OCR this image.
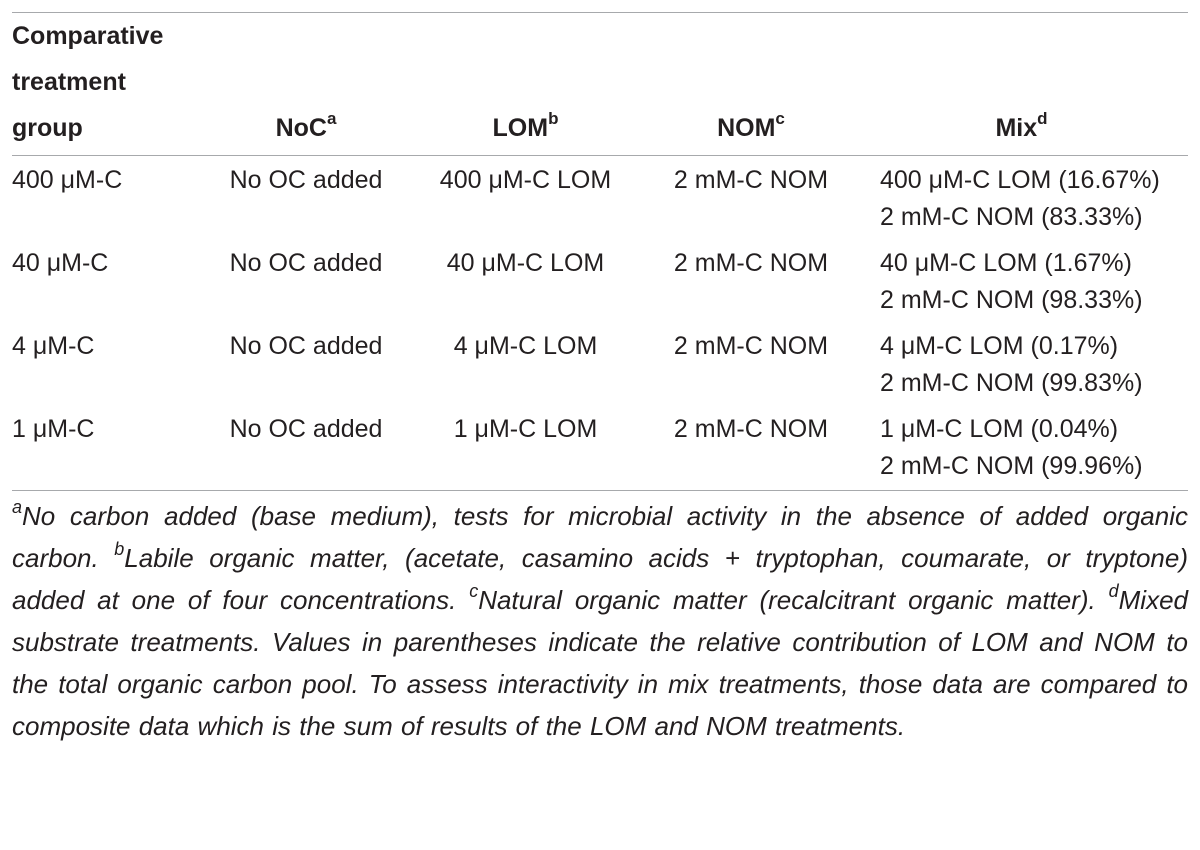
Comparative
treatment
group	NoC$^a$	LOM$^b$	NOM$^c$	Mix$^d$

400 μM-C	No OC added	400 μM-C LOM	2 mM-C NOM	400 μM-C LOM (16.67%)
2 mM-C NOM (83.33%)

40 μM-C	No OC added	40 μM-C LOM	2 mM-C NOM	40 μM-C LOM (1.67%)
2 mM-C NOM (98.33%)

4 μM-C	No OC added	4 μM-C LOM	2 mM-C NOM	4 μM-C LOM (0.17%)
2 mM-C NOM (99.83%)

1 μM-C	No OC added	1 μM-C LOM	2 mM-C NOM	1 μM-C LOM (0.04%)
2 mM-C NOM (99.96%)
$^a$No carbon added (base medium), tests for microbial activity in the absence of added organic carbon. $^b$Labile organic matter, (acetate, casamino acids + tryptophan, coumarate, or tryptone) added at one of four concentrations. $^c$Natural organic matter (recalcitrant organic matter). $^d$Mixed substrate treatments. Values in parentheses indicate the relative contribution of LOM and NOM to the total organic carbon pool. To assess interactivity in mix treatments, those data are compared to composite data which is the sum of results of the LOM and NOM treatments.
